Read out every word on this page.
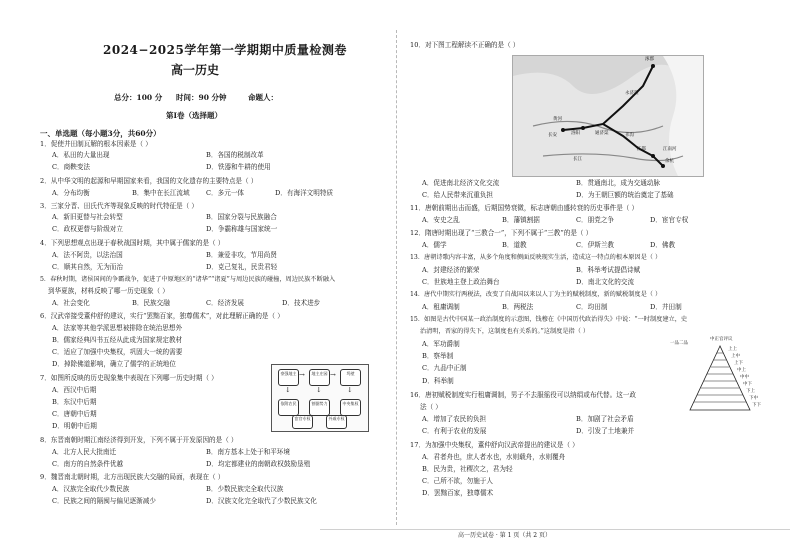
2024−2025学年第一学期期中质量检测卷
高一历史
总分：100 分 时间：90 分钟	命题人：
第Ⅰ卷（选择题）
一、单选题（每小题3分，共60分）
1．促使井田制瓦解的根本因素是（ ）
A．私田的大量出现	B．各国的税制改革
C．商鞅变法	D．铁器和牛耕的使用
2．从中华文明的起源和早期国家来看，我国的文化遗存的主要特点是（ ）
A．分布均衡	B．集中在长江流域 C．多元一体	D．有海洋文明特质
3．三家分晋、田氏代齐等现象反映的时代特征是（ ）
A．新旧更替与社会转型	B．国家分裂与民族融合
C．政权更替与阶级对立	D．争霸称雄与国家统一
4．下列思想观点出现于春秋战国时期，其中属于儒家的是（ ）
A．法不阿贵，以法治国	B．兼爱非攻，节用尚贤
C．顺其自然，无为而治	D．克己复礼，民贵君轻
5．春秋时期，诸侯国间的争霸战争，促进了中原地区的“诸华”“诸夏”与周边民族的碰撞，周边民族不断融入
到华夏族，材料反映了哪一历史现象（ ）
A．社会变化	B．民族交融	C．经济发展	D．技术进步
6．汉武帝接受董仲舒的建议，实行“罢黜百家，独尊儒术”，对此理解正确的是（ ）
A．法家等其他学派思想被排除在统治思想外
B．儒家经典四书五经从此成为国家规定教材
C．适应了加强中央集权，巩固大一统的需要
D．掉除佛道影响，确立了儒学的正统地位
7．如图所反映的历史现象集中表现在下列哪一历史时期（ ）
A．西汉中后期
B．东汉中后期
C．唐朝中后期
D．明朝中后期
豪强地主 →	地主庄园 →	坞壁
↓	↓	↓
依附农民	割据势力	中央集权
宦官专权	外戚专权
8．东晋南朝时期江南经济得到开发，下列不属于开发原因的是（ ）
A．北方人民大批南迁	B．南方基本上处于和平环境
C．南方的自然条件优越	D．均定都建业的南朝政权鼓励垦殖
9．魏晋南北朝时期，北方出现民族大交融的局面，表现在（ ）
A．汉族完全取代少数民族	B．少数民族完全取代汉族
C．民族之间的隔阂与偏见逐渐减少	D．汉族文化完全取代了少数民族文化
10．对下图工程解读不正确的是（ ）
涿郡
洛阳
长安
江都
余杭
通济渠
永济渠
邗沟
江南河
黄河
长江
A．促进南北经济文化交流	B．贯通南北，成为交通动脉
C．给人民带来沉重负担	D．为王朝巨额的统治奠定了基础
11．唐朝前期出击而盛，后期国势衰微，标志唐朝由盛转衰的历史事件是（ ）
A．安史之乱	B．藩镇割据	C．朋党之争	D．宦官专权
12．隋唐时期出现了“三教合一”，下列不属于“三教”的是（ ）
A．儒学	B．道教	C．伊斯兰教	D．佛教
13．唐朝诗歌内容丰富，从多个角度和侧面反映现实生活，造成这一特点的根本原因是（ ）
A．封建经济的繁荣	B．科举考试提倡诗赋
C．世族地主登上政治舞台	D．南北文化的交流
14．唐代中期实行两税法，改变了自战国以来以人丁为主的赋税制度，新的赋税制度是（ ）
A．租庸调制	B．两税法	C．均田制	D．井田制
15．如图是古代中国某一政治制度的示意图，钱穆在《中国历代政治得失》中说：“一时制度建立，史
治清明，晋家的得失下，这制度也有关系的。”这制度是指（ ）
A．军功爵制
B．察举制
C．九品中正制
D．科举制
中正官评议
一品二品
上上
上中
上下
中上
中中
中下
下上
下中
下下
16．唐初赋税制度实行租庸调制，男子不去服徭役可以纳绢或布代替。这一政
法（ ）
A．增加了农民的负担	B．加剧了社会矛盾
C．有利于农业的发展	D．引发了土地兼并
17．为加强中央集权，董仲舒向汉武帝提出的建议是（ ）
A．君者舟也，庶人者水也，水则载舟，水则覆舟
B．民为贵，社稷次之，君为轻
C．己所不欲，勿施于人
D．罢黜百家，独尊儒术
高一历史试卷 · 第 1 页（共 2 页）
